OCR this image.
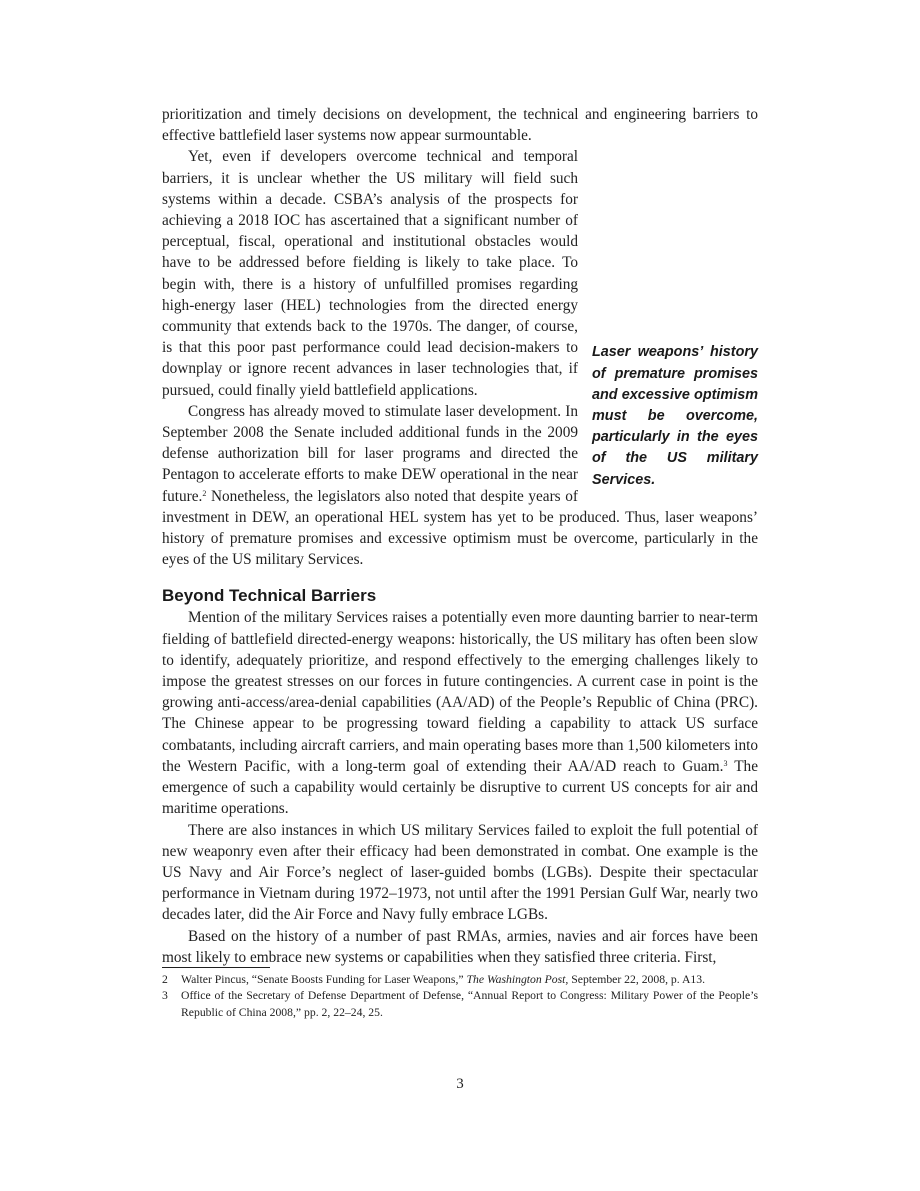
prioritization and timely decisions on development, the technical and engineering barriers to effective battlefield laser systems now appear surmountable.

Laser weapons’ history of premature promises and excessive optimism must be overcome, particularly in the eyes of the US military Services.
Yet, even if developers overcome technical and temporal barriers, it is unclear whether the US military will field such systems within a decade. CSBA’s analysis of the prospects for achieving a 2018 IOC has ascertained that a significant number of perceptual, fiscal, operational and institutional obstacles would have to be addressed before fielding is likely to take place. To begin with, there is a history of unfulfilled promises regarding high-energy laser (HEL) technologies from the directed energy community that extends back to the 1970s. The danger, of course, is that this poor past performance could lead decision-makers to downplay or ignore recent advances in laser technologies that, if pursued, could finally yield battlefield applications.

Congress has already moved to stimulate laser development. In September 2008 the Senate included additional funds in the 2009 defense authorization bill for laser programs and directed the Pentagon to accelerate efforts to make DEW operational in the near future.$^2$ Nonetheless, the legislators also noted that despite years of investment in DEW, an operational HEL system has yet to be produced. Thus, laser weapons’ history of premature promises and excessive optimism must be overcome, particularly in the eyes of the US military Services.

Beyond Technical Barriers

Mention of the military Services raises a potentially even more daunting barrier to near-term fielding of battlefield directed-energy weapons: historically, the US military has often been slow to identify, adequately prioritize, and respond effectively to the emerging challenges likely to impose the greatest stresses on our forces in future contingencies. A current case in point is the growing anti-access/area-denial capabilities (AA/AD) of the People’s Republic of China (PRC). The Chinese appear to be progressing toward fielding a capability to attack US surface combatants, including aircraft carriers, and main operating bases more than 1,500 kilometers into the Western Pacific, with a long-term goal of extending their AA/AD reach to Guam.$^3$ The emergence of such a capability would certainly be disruptive to current US concepts for air and maritime operations.

There are also instances in which US military Services failed to exploit the full potential of new weaponry even after their efficacy had been demonstrated in combat. One example is the US Navy and Air Force’s neglect of laser-guided bombs (LGBs). Despite their spectacular performance in Vietnam during 1972–1973, not until after the 1991 Persian Gulf War, nearly two decades later, did the Air Force and Navy fully embrace LGBs.

Based on the history of a number of past RMAs, armies, navies and air forces have been most likely to embrace new systems or capabilities when they satisfied three criteria. First,

2	Walter Pincus, “Senate Boosts Funding for Laser Weapons,” The Washington Post, September 22, 2008, p. A13.
3	Office of the Secretary of Defense Department of Defense, “Annual Report to Congress: Military Power of the People’s Republic of China 2008,” pp. 2, 22–24, 25.
3
